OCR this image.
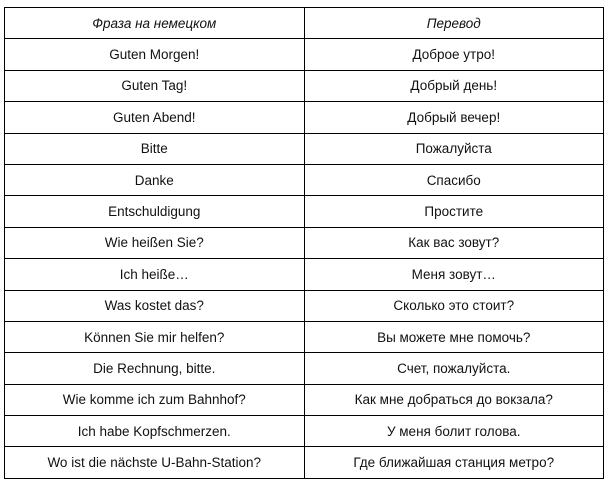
Фраза на немецком	Перевод
Guten Morgen!	Доброе утро!
Guten Tag!	Добрый день!
Guten Abend!	Добрый вечер!
Bitte	Пожалуйста
Danke	Спасибо
Entschuldigung	Простите
Wie heißen Sie?	Как вас зовут?
Ich heiße…	Меня зовут…
Was kostet das?	Сколько это стоит?
Können Sie mir helfen?	Вы можете мне помочь?
Die Rechnung, bitte.	Счет, пожалуйста.
Wie komme ich zum Bahnhof?	Как мне добраться до вокзала?
Ich habe Kopfschmerzen.	У меня болит голова.
Wo ist die nächste U-Bahn-Station?	Где ближайшая станция метро?
